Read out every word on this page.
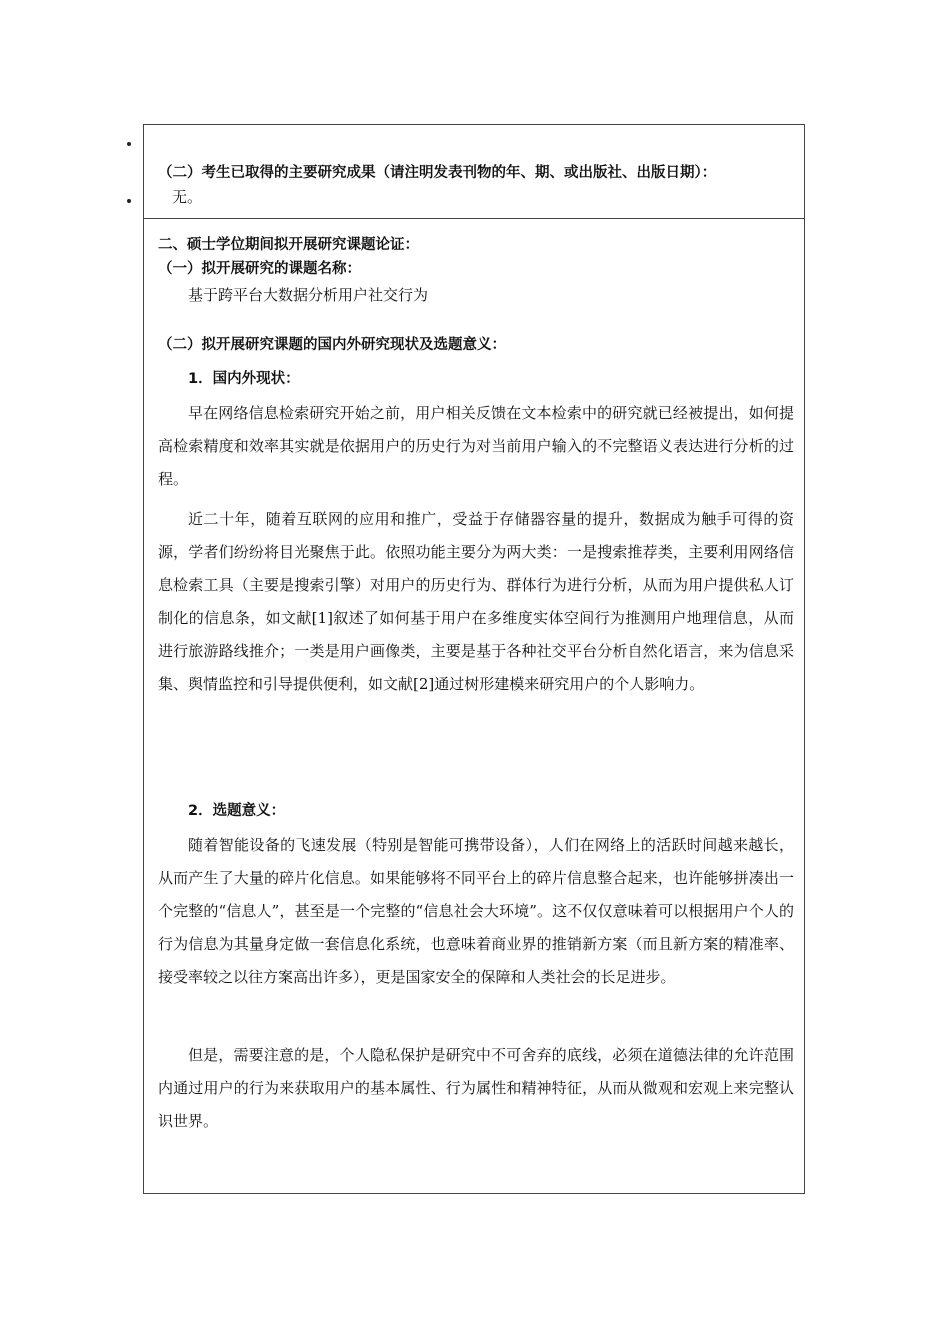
（二）考生已取得的主要研究成果（请注明发表刊物的年、期、或出版社、出版日期）：
无。
二、硕士学位期间拟开展研究课题论证：
（一）拟开展研究的课题名称：
基于跨平台大数据分析用户社交行为
（二）拟开展研究课题的国内外研究现状及选题意义：
1．国内外现状：

早在网络信息检索研究开始之前，用户相关反馈在文本检索中的研究就已经被提出，如何提高检索精度和效率其实就是依据用户的历史行为对当前用户输入的不完整语义表达进行分析的过程。

近二十年，随着互联网的应用和推广，受益于存储器容量的提升，数据成为触手可得的资源，学者们纷纷将目光聚焦于此。依照功能主要分为两大类：一是搜索推荐类，主要利用网络信息检索工具（主要是搜索引擎）对用户的历史行为、群体行为进行分析，从而为用户提供私人订制化的信息条，如文献[1]叙述了如何基于用户在多维度实体空间行为推测用户地理信息，从而进行旅游路线推介；一类是用户画像类，主要是基于各种社交平台分析自然化语言，来为信息采集、舆情监控和引导提供便利，如文献[2]通过树形建模来研究用户的个人影响力。

2．选题意义：

随着智能设备的飞速发展（特别是智能可携带设备），人们在网络上的活跃时间越来越长，从而产生了大量的碎片化信息。如果能够将不同平台上的碎片信息整合起来，也许能够拼凑出一个完整的“信息人”，甚至是一个完整的“信息社会大环境”。这不仅仅意味着可以根据用户个人的行为信息为其量身定做一套信息化系统，也意味着商业界的推销新方案（而且新方案的精准率、接受率较之以往方案高出许多），更是国家安全的保障和人类社会的长足进步。

但是，需要注意的是，个人隐私保护是研究中不可舍弃的底线，必须在道德法律的允许范围内通过用户的行为来获取用户的基本属性、行为属性和精神特征，从而从微观和宏观上来完整认识世界。
